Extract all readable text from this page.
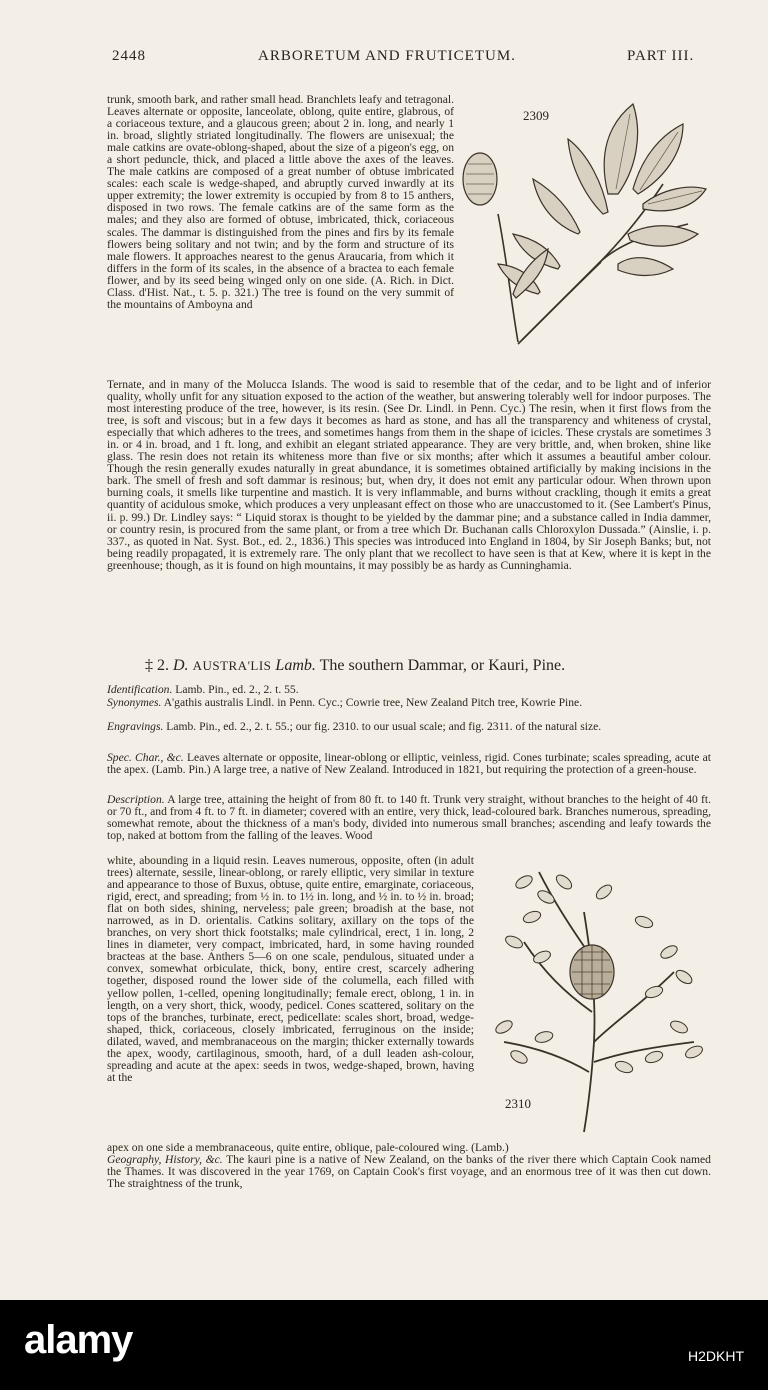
2448	ARBORETUM AND FRUTICETUM.	PART III.
2309

trunk, smooth bark, and rather small head. Branchlets leafy and tetragonal. Leaves alternate or opposite, lanceolate, oblong, quite entire, glabrous, of a coriaceous texture, and a glaucous green; about 2 in. long, and nearly 1 in. broad, slightly striated longitudinally. The flowers are unisexual; the male catkins are ovate-oblong-shaped, about the size of a pigeon's egg, on a short peduncle, thick, and placed a little above the axes of the leaves. The male catkins are composed of a great number of obtuse imbricated scales: each scale is wedge-shaped, and abruptly curved inwardly at its upper extremity; the lower extremity is occupied by from 8 to 15 anthers, disposed in two rows. The female catkins are of the same form as the males; and they also are formed of obtuse, imbricated, thick, coriaceous scales. The dammar is distinguished from the pines and firs by its female flowers being solitary and not twin; and by the form and structure of its male flowers. It approaches nearest to the genus Araucaria, from which it differs in the form of its scales, in the absence of a bractea to each female flower, and by its seed being winged only on one side. (A. Rich. in Dict. Class. d'Hist. Nat., t. 5. p. 321.) The tree is found on the very summit of the mountains of Amboyna and

Ternate, and in many of the Molucca Islands. The wood is said to resemble that of the cedar, and to be light and of inferior quality, wholly unfit for any situation exposed to the action of the weather, but answering tolerably well for indoor purposes. The most interesting produce of the tree, however, is its resin. (See Dr. Lindl. in Penn. Cyc.) The resin, when it first flows from the tree, is soft and viscous; but in a few days it becomes as hard as stone, and has all the transparency and whiteness of crystal, especially that which adheres to the trees, and sometimes hangs from them in the shape of icicles. These crystals are sometimes 3 in. or 4 in. broad, and 1 ft. long, and exhibit an elegant striated appearance. They are very brittle, and, when broken, shine like glass. The resin does not retain its whiteness more than five or six months; after which it assumes a beautiful amber colour. Though the resin generally exudes naturally in great abundance, it is sometimes obtained artificially by making incisions in the bark. The smell of fresh and soft dammar is resinous; but, when dry, it does not emit any particular odour. When thrown upon burning coals, it smells like turpentine and mastich. It is very inflammable, and burns without crackling, though it emits a great quantity of acidulous smoke, which produces a very unpleasant effect on those who are unaccustomed to it. (See Lambert's Pinus, ii. p. 99.) Dr. Lindley says: “ Liquid storax is thought to be yielded by the dammar pine; and a substance called in India dammer, or country resin, is procured from the same plant, or from a tree which Dr. Buchanan calls Chloroxylon Dussada.” (Ainslie, i. p. 337., as quoted in Nat. Syst. Bot., ed. 2., 1836.) This species was introduced into England in 1804, by Sir Joseph Banks; but, not being readily propagated, it is extremely rare. The only plant that we recollect to have seen is that at Kew, where it is kept in the greenhouse; though, as it is found on high mountains, it may possibly be as hardy as Cunninghamia.

‡ 2. D. AUSTRA'LIS Lamb. The southern Dammar, or Kauri, Pine.

Identification. Lamb. Pin., ed. 2., 2. t. 55.

Synonymes. A'gathis australis Lindl. in Penn. Cyc.; Cowrie tree, New Zealand Pitch tree, Kowrie Pine.

Engravings. Lamb. Pin., ed. 2., 2. t. 55.; our fig. 2310. to our usual scale; and fig. 2311. of the natural size.

Spec. Char., &c. Leaves alternate or opposite, linear-oblong or elliptic, veinless, rigid. Cones turbinate; scales spreading, acute at the apex. (Lamb. Pin.) A large tree, a native of New Zealand. Introduced in 1821, but requiring the protection of a green-house.

Description. A large tree, attaining the height of from 80 ft. to 140 ft. Trunk very straight, without branches to the height of 40 ft. or 70 ft., and from 4 ft. to 7 ft. in diameter; covered with an entire, very thick, lead-coloured bark. Branches numerous, spreading, somewhat remote, about the thickness of a man's body, divided into numerous small branches; ascending and leafy towards the top, naked at bottom from the falling of the leaves. Wood

white, abounding in a liquid resin. Leaves numerous, opposite, often (in adult trees) alternate, sessile, linear-oblong, or rarely elliptic, very similar in texture and appearance to those of Buxus, obtuse, quite entire, emarginate, coriaceous, rigid, erect, and spreading; from ½ in. to 1½ in. long, and ½ in. to ½ in. broad; flat on both sides, shining, nerveless; pale green; broadish at the base, not narrowed, as in D. orientalis. Catkins solitary, axillary on the tops of the branches, on very short thick footstalks; male cylindrical, erect, 1 in. long, 2 lines in diameter, very compact, imbricated, hard, in some having rounded bracteas at the base. Anthers 5—6 on one scale, pendulous, situated under a convex, somewhat orbiculate, thick, bony, entire crest, scarcely adhering together, disposed round the lower side of the columella, each filled with yellow pollen, 1-celled, opening longitudinally; female erect, oblong, 1 in. in length, on a very short, thick, woody, pedicel. Cones scattered, solitary on the tops of the branches, turbinate, erect, pedicellate: scales short, broad, wedge-shaped, thick, coriaceous, closely imbricated, ferruginous on the inside; dilated, waved, and membranaceous on the margin; thicker externally towards the apex, woody, cartilaginous, smooth, hard, of a dull leaden ash-colour, spreading and acute at the apex: seeds in twos, wedge-shaped, brown, having at the

2310

apex on one side a membranaceous, quite entire, oblique, pale-coloured wing. (Lamb.)

Geography, History, &c. The kauri pine is a native of New Zealand, on the banks of the river there which Captain Cook named the Thames. It was discovered in the year 1769, on Captain Cook's first voyage, and an enormous tree of it was then cut down. The straightness of the trunk,

alamy	H2DKHT
